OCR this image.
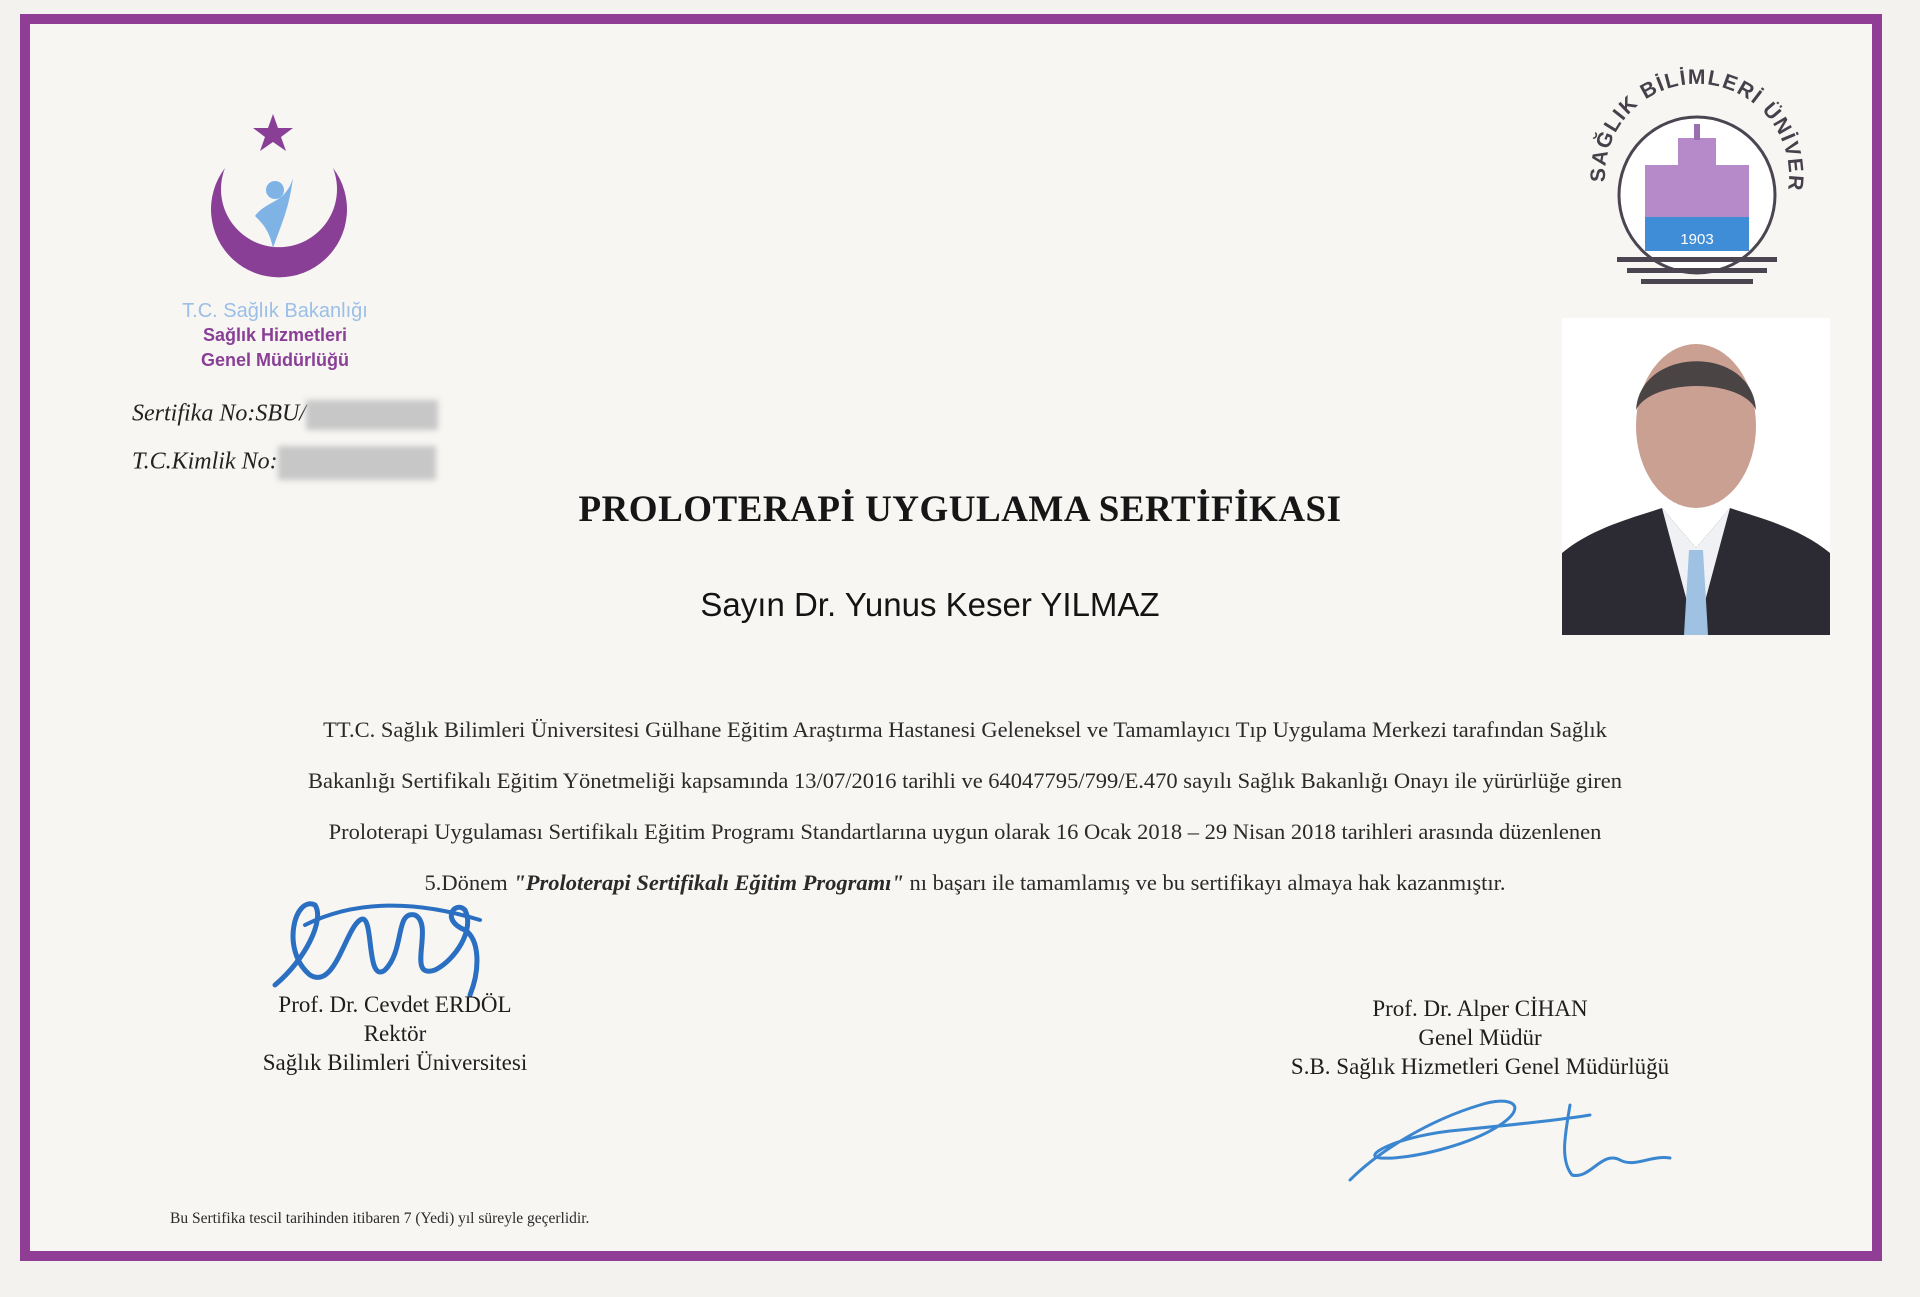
T.C. Sağlık Bakanlığı
Sağlık Hizmetleri
Genel Müdürlüğü
Sertifika No:SBU/
T.C.Kimlik No:
SAĞLIK BİLİMLERİ ÜNİVER
1903
PROLOTERAPİ UYGULAMA SERTİFİKASI
Sayın Dr. Yunus Keser YILMAZ
TT.C. Sağlık Bilimleri Üniversitesi Gülhane Eğitim Araştırma Hastanesi Geleneksel ve Tamamlayıcı Tıp Uygulama Merkezi tarafından Sağlık
Bakanlığı Sertifikalı Eğitim Yönetmeliği kapsamında 13/07/2016 tarihli ve 64047795/799/E.470 sayılı Sağlık Bakanlığı Onayı ile yürürlüğe giren
Proloterapi Uygulaması Sertifikalı Eğitim Programı Standartlarına uygun olarak 16 Ocak 2018 – 29 Nisan 2018 tarihleri arasında düzenlenen
5.Dönem "Proloterapi Sertifikalı Eğitim Programı" nı başarı ile tamamlamış ve bu sertifikayı almaya hak kazanmıştır.
Prof. Dr. Cevdet ERDÖL
Rektör
Sağlık Bilimleri Üniversitesi
Prof. Dr. Alper CİHAN
Genel Müdür
S.B. Sağlık Hizmetleri Genel Müdürlüğü
Bu Sertifika tescil tarihinden itibaren 7 (Yedi) yıl süreyle geçerlidir.
